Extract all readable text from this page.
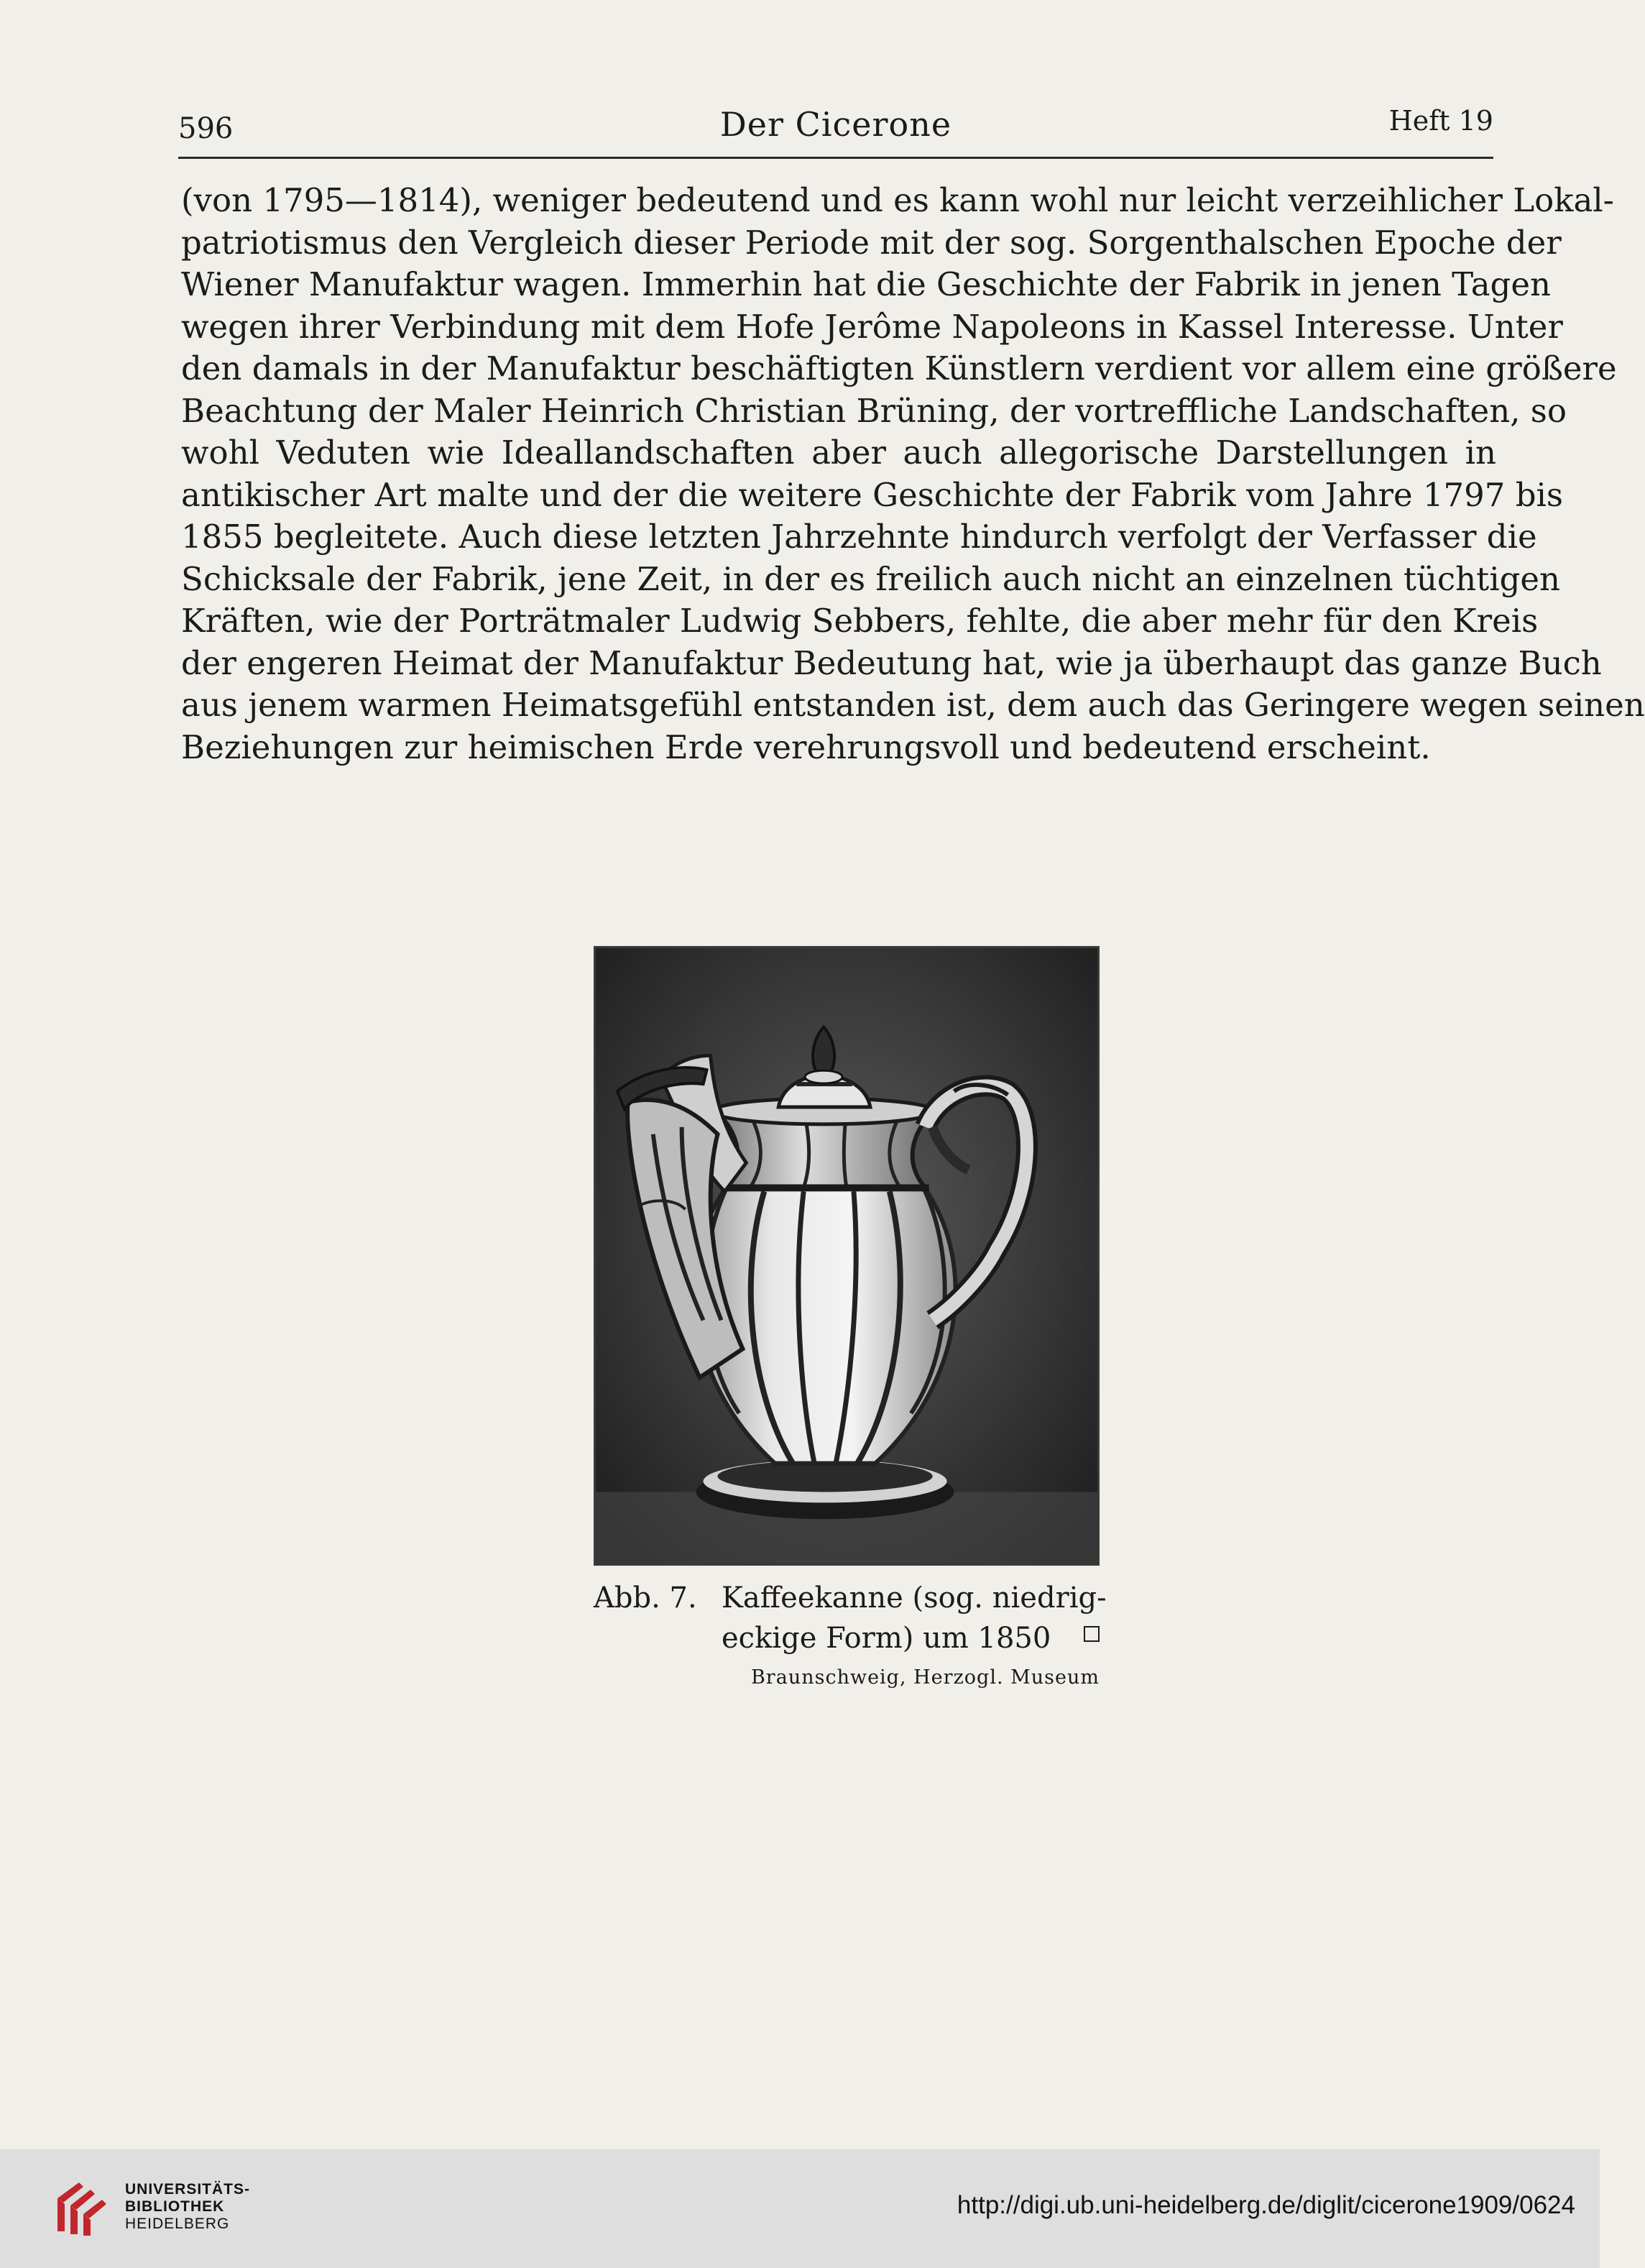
596	Der Cicerone	Heft 19
(von 1795—1814), weniger bedeutend und es kann wohl nur leicht verzeihlicher Lokal-
patriotismus den Vergleich dieser Periode mit der sog. Sorgenthalschen Epoche der
Wiener Manufaktur wagen. Immerhin hat die Geschichte der Fabrik in jenen Tagen
wegen ihrer Verbindung mit dem Hofe Jerôme Napoleons in Kassel Interesse. Unter
den damals in der Manufaktur beschäftigten Künstlern verdient vor allem eine größere
Beachtung der Maler Heinrich Christian Brüning, der vortreffliche Landschaften, so
wohl Veduten wie Ideallandschaften aber auch allegorische Darstellungen in
antikischer Art malte und der die weitere Geschichte der Fabrik vom Jahre 1797 bis
1855 begleitete. Auch diese letzten Jahrzehnte hindurch verfolgt der Verfasser die
Schicksale der Fabrik, jene Zeit, in der es freilich auch nicht an einzelnen tüchtigen
Kräften, wie der Porträtmaler Ludwig Sebbers, fehlte, die aber mehr für den Kreis
der engeren Heimat der Manufaktur Bedeutung hat, wie ja überhaupt das ganze Buch
aus jenem warmen Heimatsgefühl entstanden ist, dem auch das Geringere wegen seinen
Beziehungen zur heimischen Erde verehrungsvoll und bedeutend erscheint.
Abb. 7. Kaffeekanne (sog. niedrig-
eckige Form) um 1850
Braunschweig, Herzogl. Museum
UNIVERSITÄTS-
BIBLIOTHEK
HEIDELBERG
http://digi.ub.uni-heidelberg.de/diglit/cicerone1909/0624
